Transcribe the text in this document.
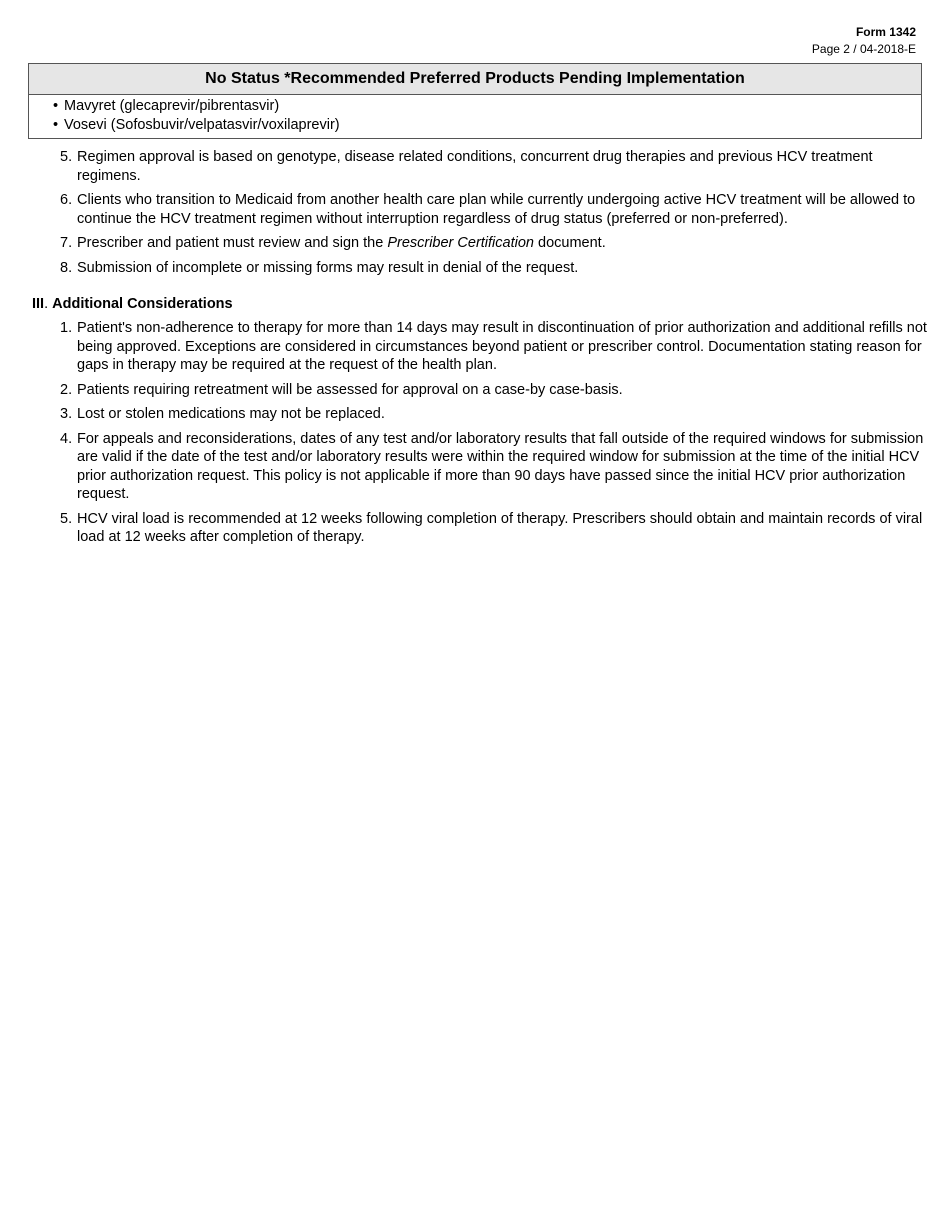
Form 1342
Page 2 / 04-2018-E
No Status *Recommended Preferred Products Pending Implementation
• Mavyret (glecaprevir/pibrentasvir)
• Vosevi (Sofosbuvir/velpatasvir/voxilaprevir)
5. Regimen approval is based on genotype, disease related conditions, concurrent drug therapies and previous HCV treatment regimens.
6. Clients who transition to Medicaid from another health care plan while currently undergoing active HCV treatment will be allowed to continue the HCV treatment regimen without interruption regardless of drug status (preferred or non-preferred).
7. Prescriber and patient must review and sign the Prescriber Certification document.
8. Submission of incomplete or missing forms may result in denial of the request.
III. Additional Considerations
1. Patient's non-adherence to therapy for more than 14 days may result in discontinuation of prior authorization and additional refills not being approved. Exceptions are considered in circumstances beyond patient or prescriber control. Documentation stating reason for gaps in therapy may be required at the request of the health plan.
2. Patients requiring retreatment will be assessed for approval on a case-by case-basis.
3. Lost or stolen medications may not be replaced.
4. For appeals and reconsiderations, dates of any test and/or laboratory results that fall outside of the required windows for submission are valid if the date of the test and/or laboratory results were within the required window for submission at the time of the initial HCV prior authorization request. This policy is not applicable if more than 90 days have passed since the initial HCV prior authorization request.
5. HCV viral load is recommended at 12 weeks following completion of therapy. Prescribers should obtain and maintain records of viral load at 12 weeks after completion of therapy.
